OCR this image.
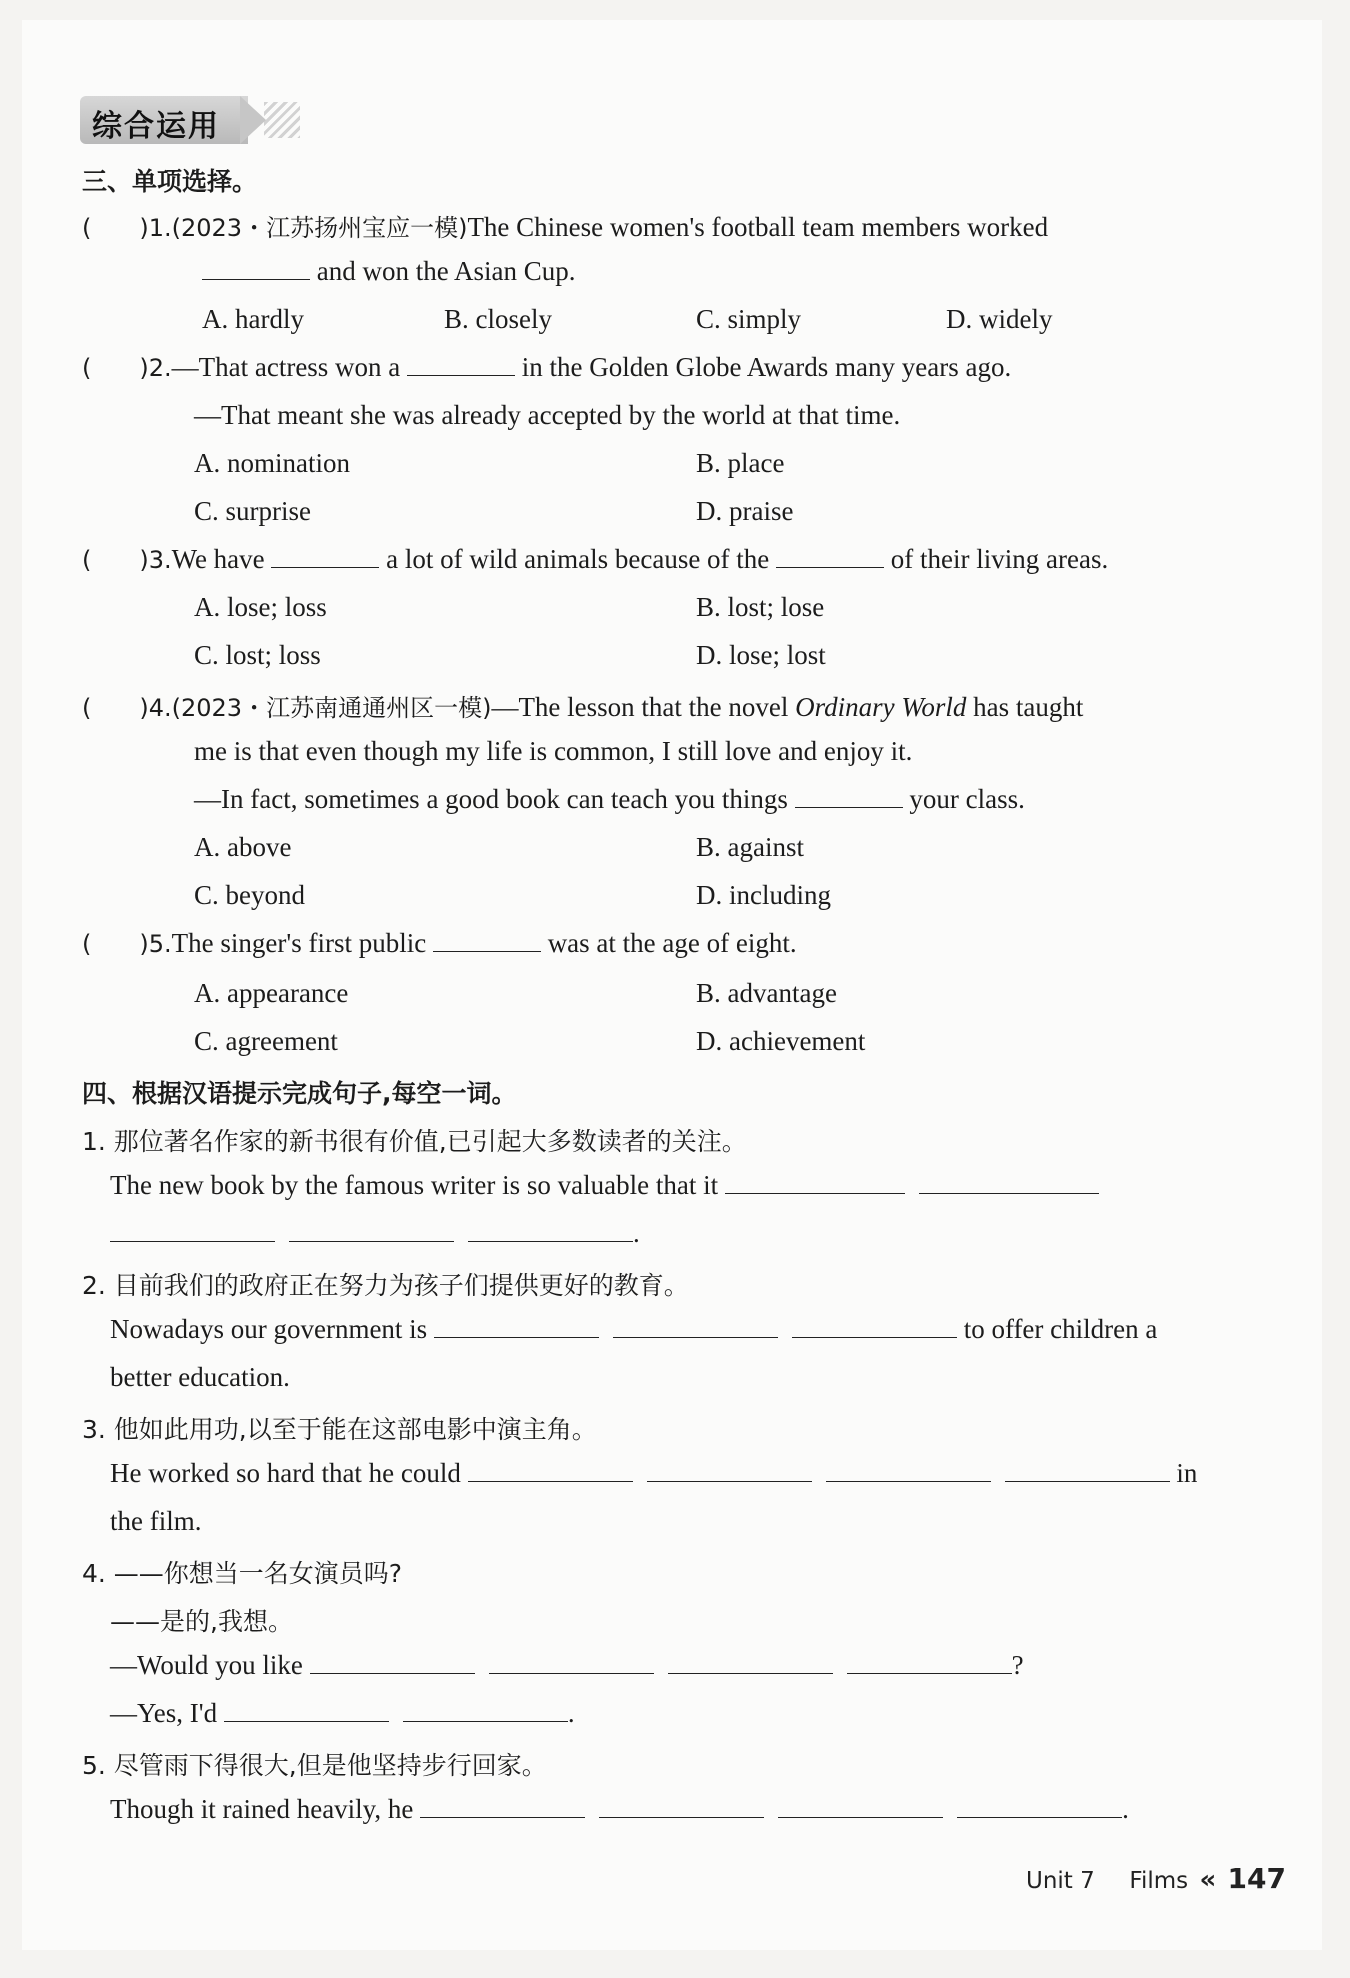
综合运用
三、单项选择。
(  )1.(2023・江苏扬州宝应一模)The Chinese women's football team members worked
and won the Asian Cup.
A. hardly	B. closely	C. simply	D. widely
(  )2.—That actress won a	in the Golden Globe Awards many years ago.
—That meant she was already accepted by the world at that time.
A. nomination	B. place
C. surprise	D. praise
(  )3.We have	a lot of wild animals because of the	of their living areas.
A. lose; loss	B. lost; lose
C. lost; loss	D. lose; lost
(  )4.(2023・江苏南通通州区一模)—The lesson that the novel Ordinary World has taught
me is that even though my life is common, I still love and enjoy it.
—In fact, sometimes a good book can teach you things	your class.
A. above	B. against
C. beyond	D. including
(  )5.The singer's first public	was at the age of eight.
A. appearance	B. advantage
C. agreement	D. achievement
四、根据汉语提示完成句子,每空一词。
1. 那位著名作家的新书很有价值,已引起大多数读者的关注。
The new book by the famous writer is so valuable that it
.
2. 目前我们的政府正在努力为孩子们提供更好的教育。
Nowadays our government is	to offer children a
better education.
3. 他如此用功,以至于能在这部电影中演主角。
He worked so hard that he could	in
the film.
4. ——你想当一名女演员吗?
——是的,我想。
—Would you like	?
—Yes, I'd	.
5. 尽管雨下得很大,但是他坚持步行回家。
Though it rained heavily, he	.
Unit 7 Films « 147
